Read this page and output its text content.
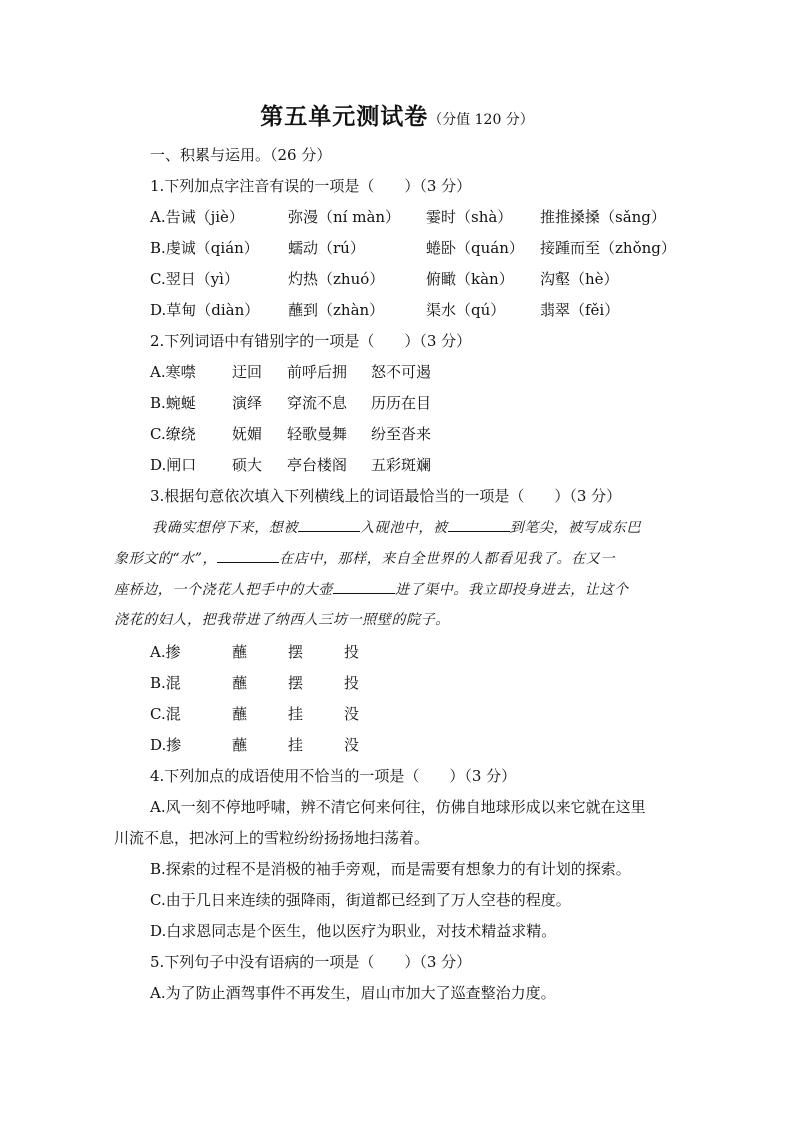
第五单元测试卷（分值 120 分）
一、积累与运用。（26 分）
1.下列加点字注音有误的一项是（　　）（3 分）
A.告诫（jiè）	弥漫（ní màn） 霎时（shà） 推推搡搡（sǎng）
B.虔诚（qián） 蠕动（rú）	蜷卧（quán） 接踵而至（zhǒng）
C.翌日（yì）	灼热（zhuó）	俯瞰（kàn） 沟壑（hè）
D.草甸（diàn） 蘸到（zhàn）	渠水（qú） 翡翠（fěi）
2.下列词语中有错别字的一项是（　　）（3 分）
A.寒噤 迂回 前呼后拥 怒不可遏
B.蜿蜒 演绎 穿流不息 历历在目
C.缭绕 妩媚 轻歌曼舞 纷至沓来
D.闸口 硕大 亭台楼阁 五彩斑斓
3.根据句意依次填入下列横线上的词语最恰当的一项是（　　）（3 分）
我确实想停下来，想被	入砚池中，被	到笔尖，被写成东巴
象形文的“水”，	在店中，那样，来自全世界的人都看见我了。在又一
座桥边，一个浇花人把手中的大壶	进了渠中。我立即投身进去，让这个
浇花的妇人，把我带进了纳西人三坊一照壁的院子。
A.掺	蘸	摆	投
B.混	蘸	摆	投
C.混	蘸	挂	没
D.掺	蘸	挂	没
4.下列加点的成语使用不恰当的一项是（　　）（3 分）
A.风一刻不停地呼啸，辨不清它何来何往，仿佛自地球形成以来它就在这里
川流不息，把冰河上的雪粒纷纷扬扬地扫荡着。
B.探索的过程不是消极的袖手旁观，而是需要有想象力的有计划的探索。
C.由于几日来连续的强降雨，街道都已经到了万人空巷的程度。
D.白求恩同志是个医生，他以医疗为职业，对技术精益求精。
5.下列句子中没有语病的一项是（　　）（3 分）
A.为了防止酒驾事件不再发生，眉山市加大了巡查整治力度。
